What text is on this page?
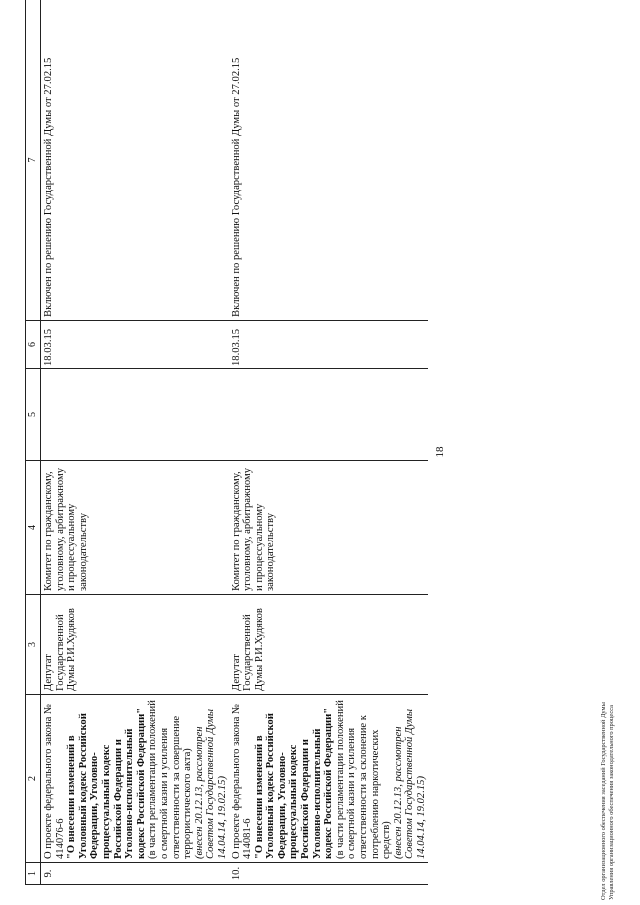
18
1	2	3	4	5	6	7
9.	О проекте федерального закона № 414076-6 "О внесении изменений в Уголовный кодекс Российской Федерации, Уголовно-процессуальный кодекс Российской Федерации и Уголовно-исполнительный кодекс Российской Федерации" (в части регламентации положений о смертной казни и усиления ответственности за совершение террористического акта) (внесен 20.12.13, рассмотрен Советом Государственной Думы 14.04.14, 19.02.15)	Депутат Государственной Думы Р.И.Худяков	Комитет по гражданскому, уголовному, арбитражному и процессуальному законодательству		18.03.15	Включен по решению Государственной Думы от 27.02.15
10.	О проекте федерального закона № 414081-6 "О внесении изменений в Уголовный кодекс Российской Федерации, Уголовно-процессуальный кодекс Российской Федерации и Уголовно-исполнительный кодекс Российской Федерации" (в части регламентации положений о смертной казни и усиления ответственности за склонение к потреблению наркотических средств) (внесен 20.12.13, рассмотрен Советом Государственной Думы 14.04.14, 19.02.15)	Депутат Государственной Думы Р.И.Худяков	Комитет по гражданскому, уголовному, арбитражному и процессуальному законодательству		18.03.15	Включен по решению Государственной Думы от 27.02.15
Отдел организационного обеспечения заседаний Государственной Думы Управления организационного обеспечения законодательного процесса
